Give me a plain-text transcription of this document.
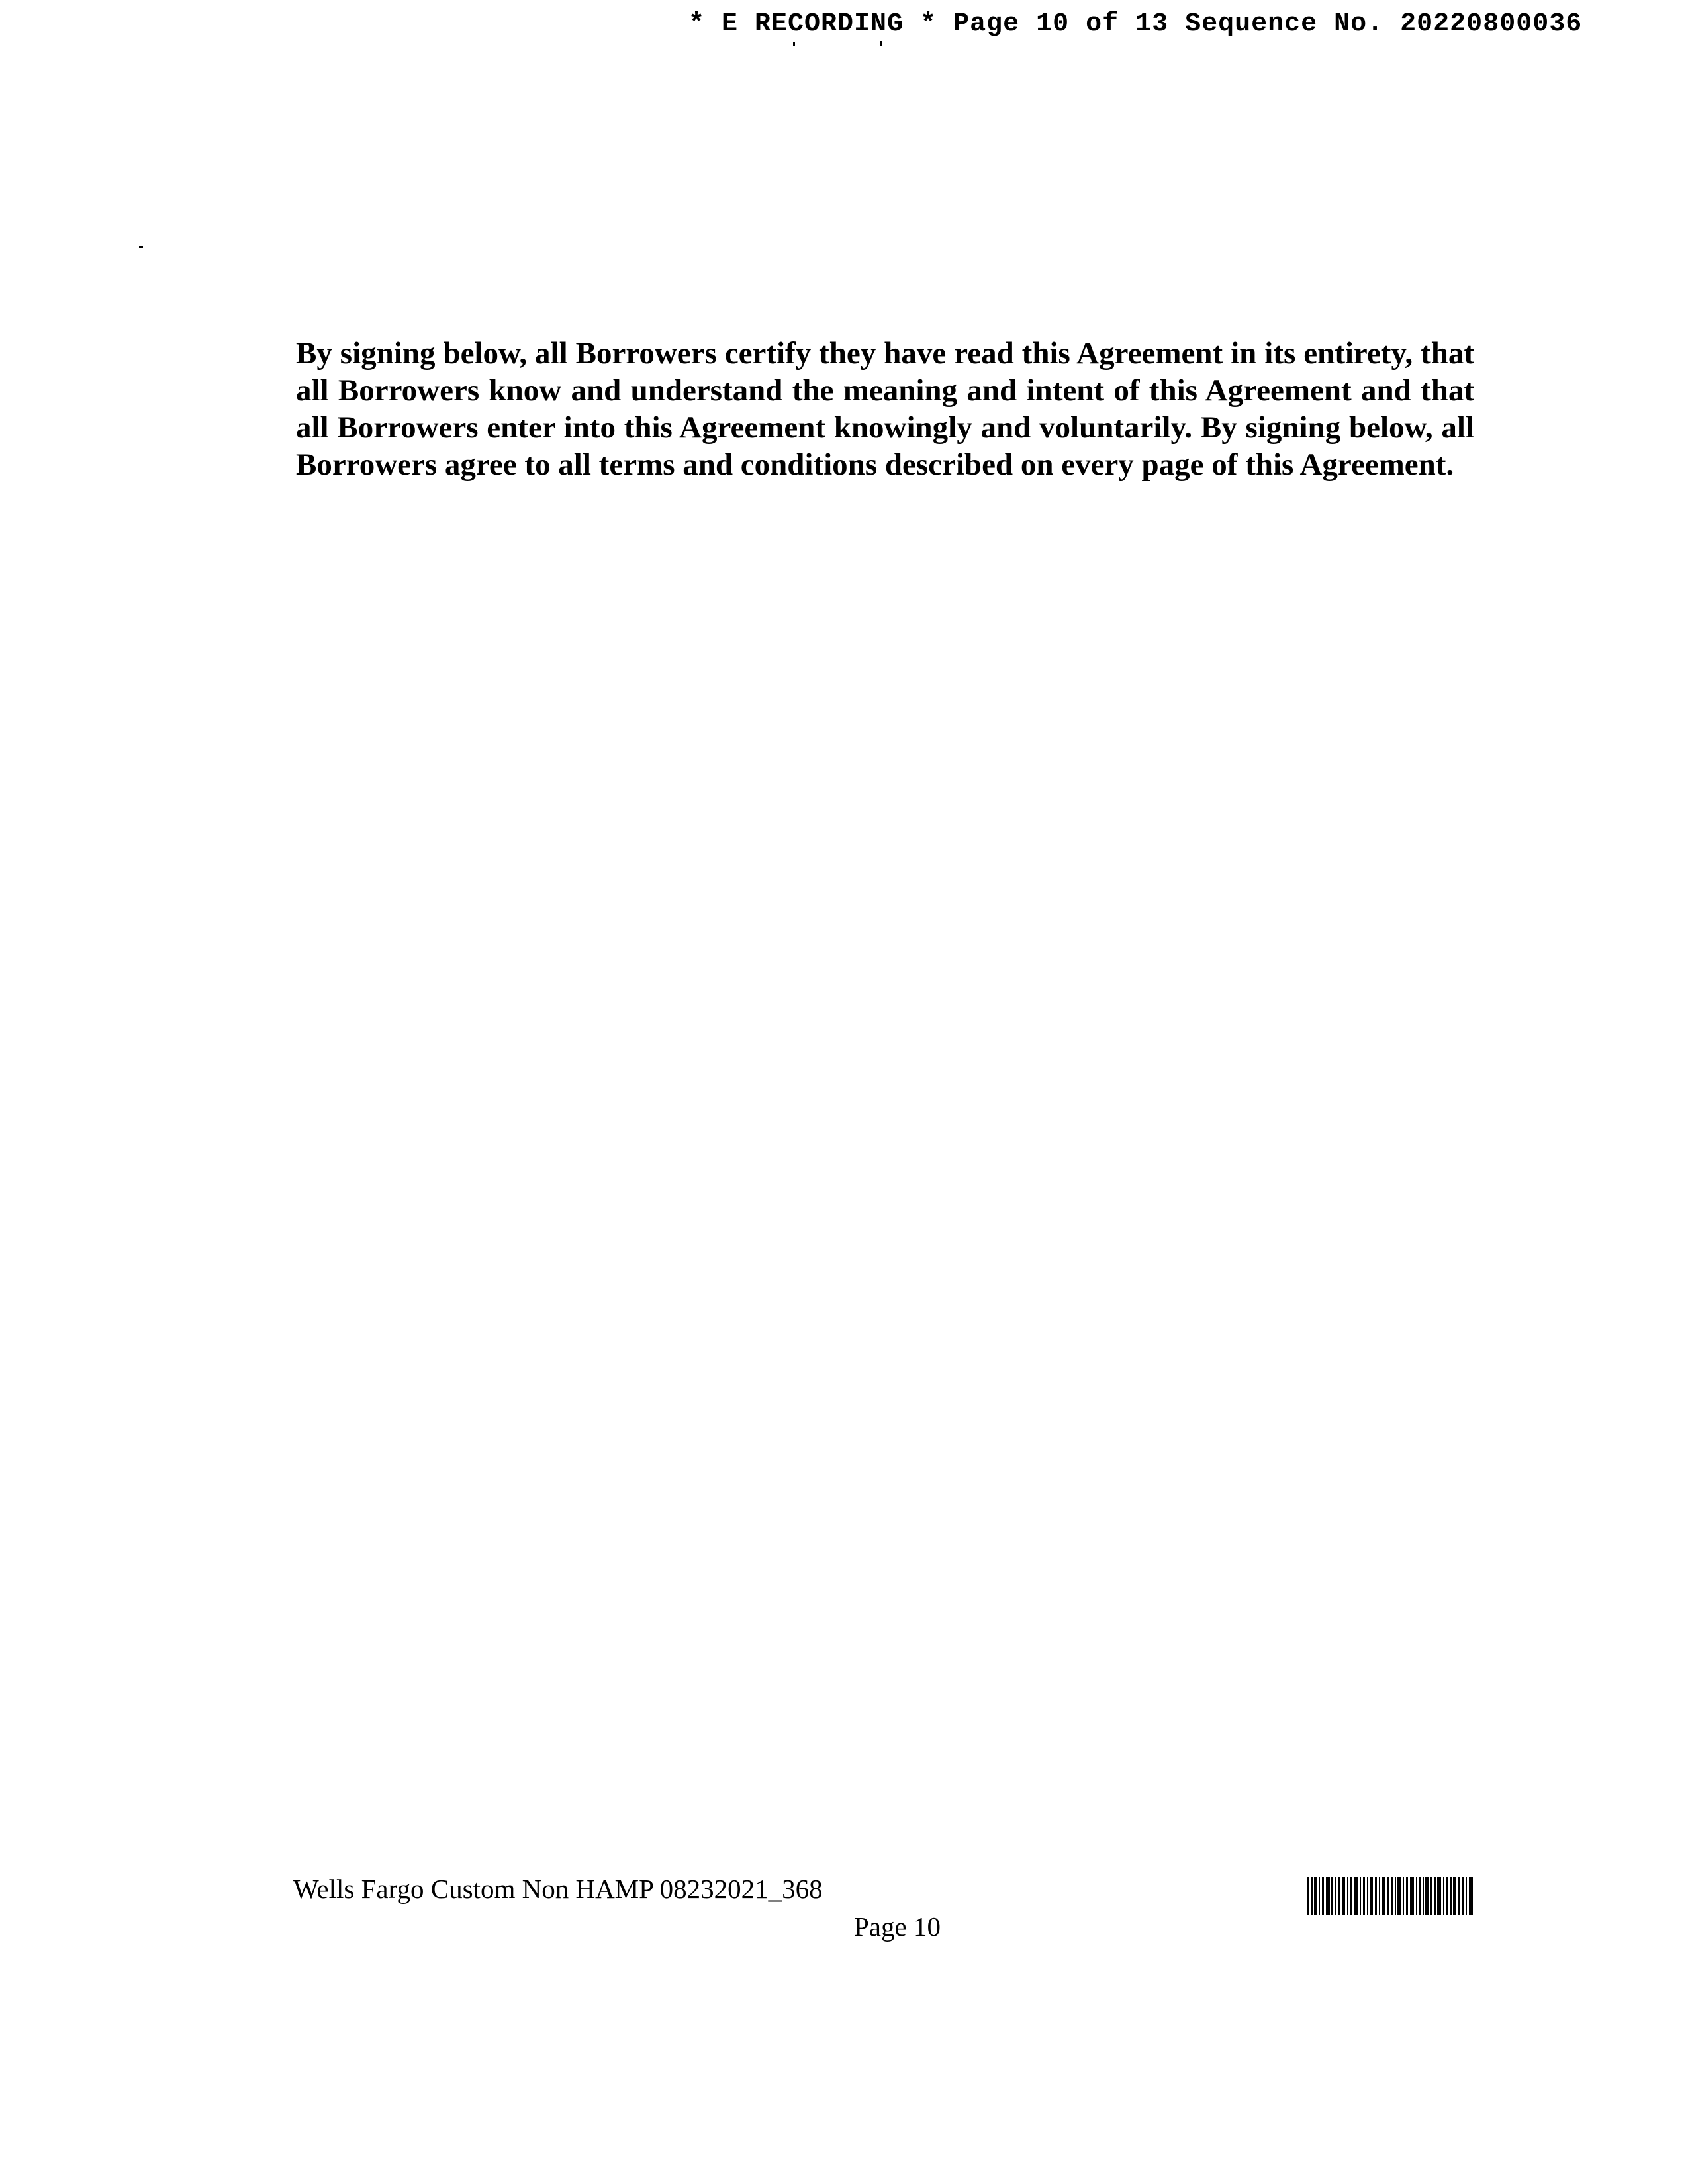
* E RECORDING * Page 10 of 13 Sequence No. 20220800036
By signing below, all Borrowers certify they have read this Agreement in its entirety, that all Borrowers know and understand the meaning and intent of this Agreement and that all Borrowers enter into this Agreement knowingly and voluntarily. By signing below, all Borrowers agree to all terms and conditions described on every page of this Agreement.
Wells Fargo Custom Non HAMP 08232021_368
Page 10
